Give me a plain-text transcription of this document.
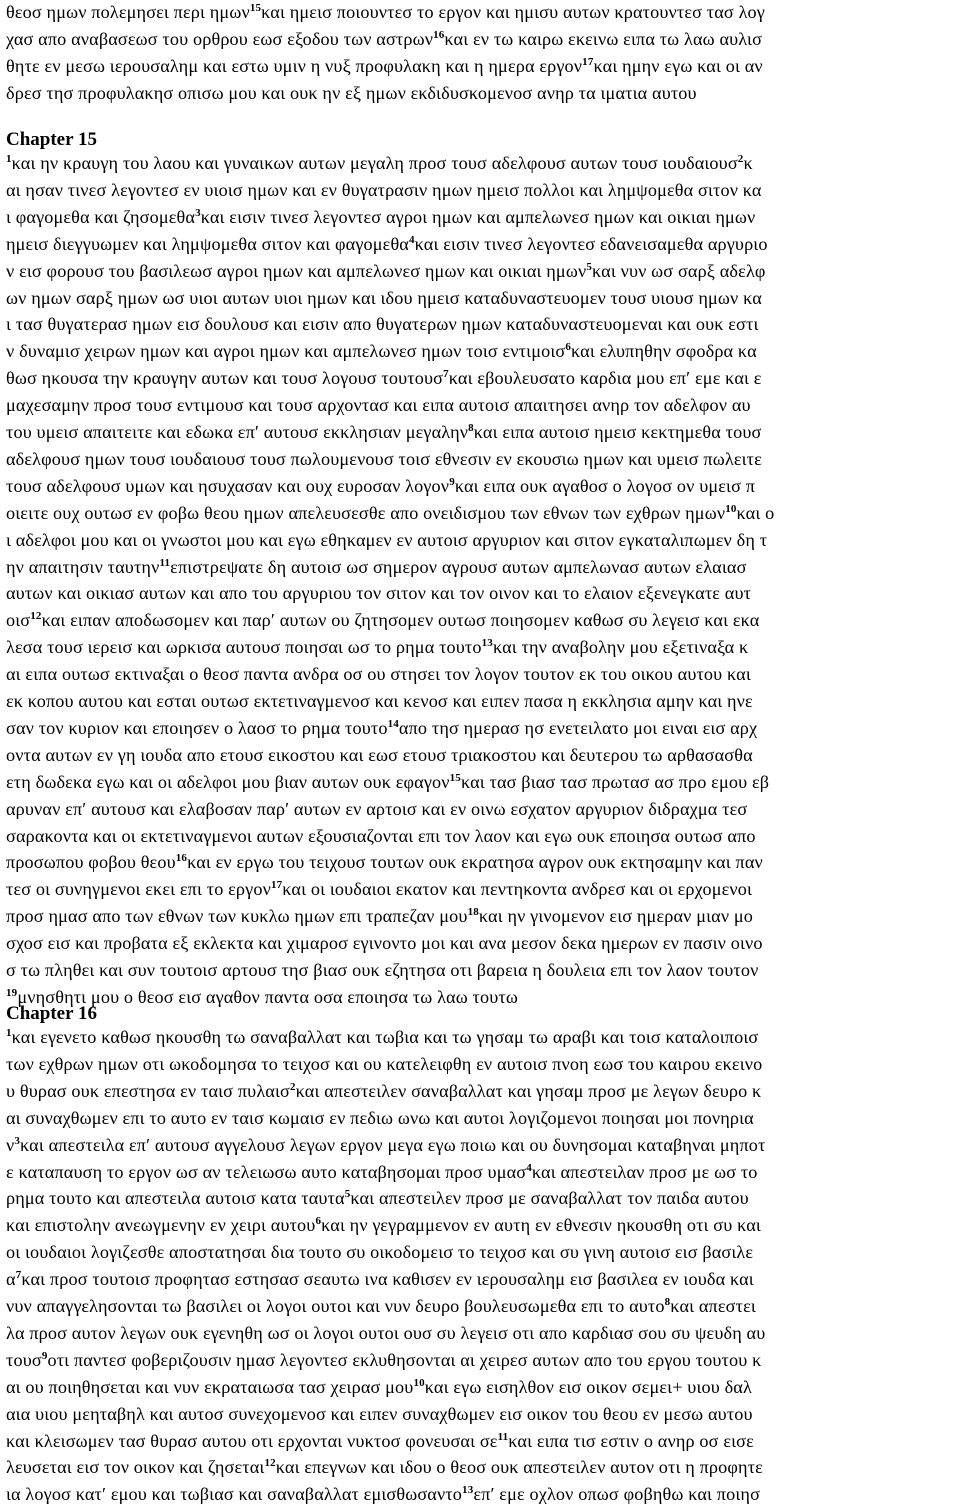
θεοσ ημων πολεμησει περι ημων$^{15}$και ημεισ ποιουντεσ το εργον και ημισυ αυτων κρατουντεσ τασ λογ
χασ απο αναβασεωσ του ορθρου εωσ εξοδου των αστρων$^{16}$και εν τω καιρω εκεινω ειπα τω λαω αυλισ
θητε εν μεσω ιερουσαλημ και εστω υμιν η νυξ προφυλακη και η ημερα εργον$^{17}$και ημην εγω και οι αν
δρεσ τησ προφυλακησ οπισω μου και ουκ ην εξ ημων εκδιδυσκομενοσ ανηρ τα ιματια αυτου
Chapter 15
$^1$και ην κραυγη του λαου και γυναικων αυτων μεγαλη προσ τουσ αδελφουσ αυτων τουσ ιουδαιουσ$^2$κ
αι ησαν τινεσ λεγοντεσ εν υιοισ ημων και εν θυγατρασιν ημων ημεισ πολλοι και λημψομεθα σιτον κα
ι φαγομεθα και ζησομεθα$^3$και εισιν τινεσ λεγοντεσ αγροι ημων και αμπελωνεσ ημων και οικιαι ημων
ημεισ διεγγυωμεν και λημψομεθα σιτον και φαγομεθα$^4$και εισιν τινεσ λεγοντεσ εδανεισαμεθα αργυριο
ν εισ φορουσ του βασιλεωσ αγροι ημων και αμπελωνεσ ημων και οικιαι ημων$^5$και νυν ωσ σαρξ αδελφ
ων ημων σαρξ ημων ωσ υιοι αυτων υιοι ημων και ιδου ημεισ καταδυναστευομεν τουσ υιουσ ημων κα
ι τασ θυγατερασ ημων εισ δουλουσ και εισιν απο θυγατερων ημων καταδυναστευομεναι και ουκ εστι
ν δυναμισ χειρων ημων και αγροι ημων και αμπελωνεσ ημων τοισ εντιμοισ$^6$και ελυπηθην σφοδρα κα
θωσ ηκουσα την κραυγην αυτων και τουσ λογουσ τουτουσ$^7$και εβουλευσατο καρδια μου επ′ εμε και ε
μαχεσαμην προσ τουσ εντιμουσ και τουσ αρχοντασ και ειπα αυτοισ απαιτησει ανηρ τον αδελφον αυ
του υμεισ απαιτειτε και εδωκα επ′ αυτουσ εκκλησιαν μεγαλην$^8$και ειπα αυτοισ ημεισ κεκτημεθα τουσ
αδελφουσ ημων τουσ ιουδαιουσ τουσ πωλουμενουσ τοισ εθνεσιν εν εκουσιω ημων και υμεισ πωλειτε
τουσ αδελφουσ υμων και ησυχασαν και ουχ ευροσαν λογον$^9$και ειπα ουκ αγαθοσ ο λογοσ ον υμεισ π
οιειτε ουχ ουτωσ εν φοβω θεου ημων απελευσεσθε απο ονειδισμου των εθνων των εχθρων ημων$^{10}$και ο
ι αδελφοι μου και οι γνωστοι μου και εγω εθηκαμεν εν αυτοισ αργυριον και σιτον εγκαταλιπωμεν δη τ
ην απαιτησιν ταυτην$^{11}$επιστρεψατε δη αυτοισ ωσ σημερον αγρουσ αυτων αμπελωνασ αυτων ελαιασ
αυτων και οικιασ αυτων και απο του αργυριου τον σιτον και τον οινον και το ελαιον εξενεγκατε αυτ
οισ$^{12}$και ειπαν αποδωσομεν και παρ′ αυτων ου ζητησομεν ουτωσ ποιησομεν καθωσ συ λεγεισ και εκα
λεσα τουσ ιερεισ και ωρκισα αυτουσ ποιησαι ωσ το ρημα τουτο$^{13}$και την αναβολην μου εξετιναξα κ
αι ειπα ουτωσ εκτιναξαι ο θεοσ παντα ανδρα οσ ου στησει τον λογον τουτον εκ του οικου αυτου και
εκ κοπου αυτου και εσται ουτωσ εκτετιναγμενοσ και κενοσ και ειπεν πασα η εκκλησια αμην και ηνε
σαν τον κυριον και εποιησεν ο λαοσ το ρημα τουτο$^{14}$απο τησ ημερασ ησ ενετειλατο μοι ειναι εισ αρχ
οντα αυτων εν γη ιουδα απο ετουσ εικοστου και εωσ ετουσ τριακοστου και δευτερου τω αρθασασθα
ετη δωδεκα εγω και οι αδελφοι μου βιαν αυτων ουκ εφαγον$^{15}$και τασ βιασ τασ πρωτασ ασ προ εμου εβ
αρυναν επ′ αυτουσ και ελαβοσαν παρ′ αυτων εν αρτοισ και εν οινω εσχατον αργυριον διδραχμα τεσ
σαρακοντα και οι εκτετιναγμενοι αυτων εξουσιαζονται επι τον λαον και εγω ουκ εποιησα ουτωσ απο
προσωπου φοβου θεου$^{16}$και εν εργω του τειχουσ τουτων ουκ εκρατησα αγρον ουκ εκτησαμην και παν
τεσ οι συνηγμενοι εκει επι το εργον$^{17}$και οι ιουδαιοι εκατον και πεντηκοντα ανδρεσ και οι ερχομενοι
προσ ημασ απο των εθνων των κυκλω ημων επι τραπεζαν μου$^{18}$και ην γινομενον εισ ημεραν μιαν μο
σχοσ εισ και προβατα εξ εκλεκτα και χιμαροσ εγινοντο μοι και ανα μεσον δεκα ημερων εν πασιν οινο
σ τω πληθει και συν τουτοισ αρτουσ τησ βιασ ουκ εζητησα οτι βαρεια η δουλεια επι τον λαον τουτον
$^{19}$μνησθητι μου ο θεοσ εισ αγαθον παντα οσα εποιησα τω λαω τουτω
Chapter 16
$^1$και εγενετο καθωσ ηκουσθη τω σαναβαλλατ και τωβια και τω γησαμ τω αραβι και τοισ καταλοιποισ
των εχθρων ημων οτι ωκοδομησα το τειχοσ και ου κατελειφθη εν αυτοισ πνοη εωσ του καιρου εκεινο
υ θυρασ ουκ επεστησα εν ταισ πυλαισ$^2$και απεστειλεν σαναβαλλατ και γησαμ προσ με λεγων δευρο κ
αι συναχθωμεν επι το αυτο εν ταισ κωμαισ εν πεδιω ωνω και αυτοι λογιζομενοι ποιησαι μοι πονηρια
$\nu^3\kappa\alpha\iota$ απεστειλα επ′ αυτουσ αγγελουσ λεγων εργον μεγα εγω ποιω και ου δυνησομαι καταβηναι μηποτ
ε καταπαυση το εργον ωσ αν τελειωσω αυτο καταβησομαι προσ υμασ$^4$και απεστειλαν προσ με ωσ το
ρημα τουτο και απεστειλα αυτοισ κατα ταυτα$^5$και απεστειλεν προσ με σαναβαλλατ τον παιδα αυτου
και επιστολην ανεωγμενην εν χειρι αυτου$^6$και ην γεγραμμενον εν αυτη εν εθνεσιν ηκουσθη οτι συ και
οι ιουδαιοι λογιζεσθε αποστατησαι δια τουτο συ οικοδομεισ το τειχοσ και συ γινη αυτοισ εισ βασιλε
$\alpha^7\kappa\alpha\iota$ προσ τουτοισ προφητασ εστησασ σεαυτω ινα καθισεν εν ιερουσαλημ εισ βασιλεα εν ιουδα και
νυν απαγγελησονται τω βασιλει οι λογοι ουτοι και νυν δευρο βουλευσωμεθα επι το αυτο$^8$και απεστει
λα προσ αυτον λεγων ουκ εγενηθη ωσ οι λογοι ουτοι ουσ συ λεγεισ οτι απο καρδιασ σου συ ψευδη αυ
τουσ$^9$οτι παντεσ φοβεριζουσιν ημασ λεγοντεσ εκλυθησονται αι χειρεσ αυτων απο του εργου τουτου κ
αι ου ποιηθησεται και νυν εκραταιωσα τασ χειρασ μου$^{10}$και εγω εισηλθον εισ οικον σεμει+ υιου δαλ
αια υιου μεηταβηλ και αυτοσ συνεχομενοσ και ειπεν συναχθωμεν εισ οικον του θεου εν μεσω αυτου
και κλεισωμεν τασ θυρασ αυτου οτι ερχονται νυκτοσ φονευσαι $\sigma\varepsilon^{11}\kappa\alpha\iota$ ειπα τισ εστιν ο ανηρ οσ εισε
λευσεται εισ τον οικον και ζησεται$^{12}$και επεγνων και ιδου ο θεοσ ουκ απεστειλεν αυτον οτι η προφητε
ια λογοσ κατ′ εμου και τωβιασ και σαναβαλλατ εμισθωσαντο$^{13}$επ′ εμε οχλον οπωσ φοβηθω και ποιησ
